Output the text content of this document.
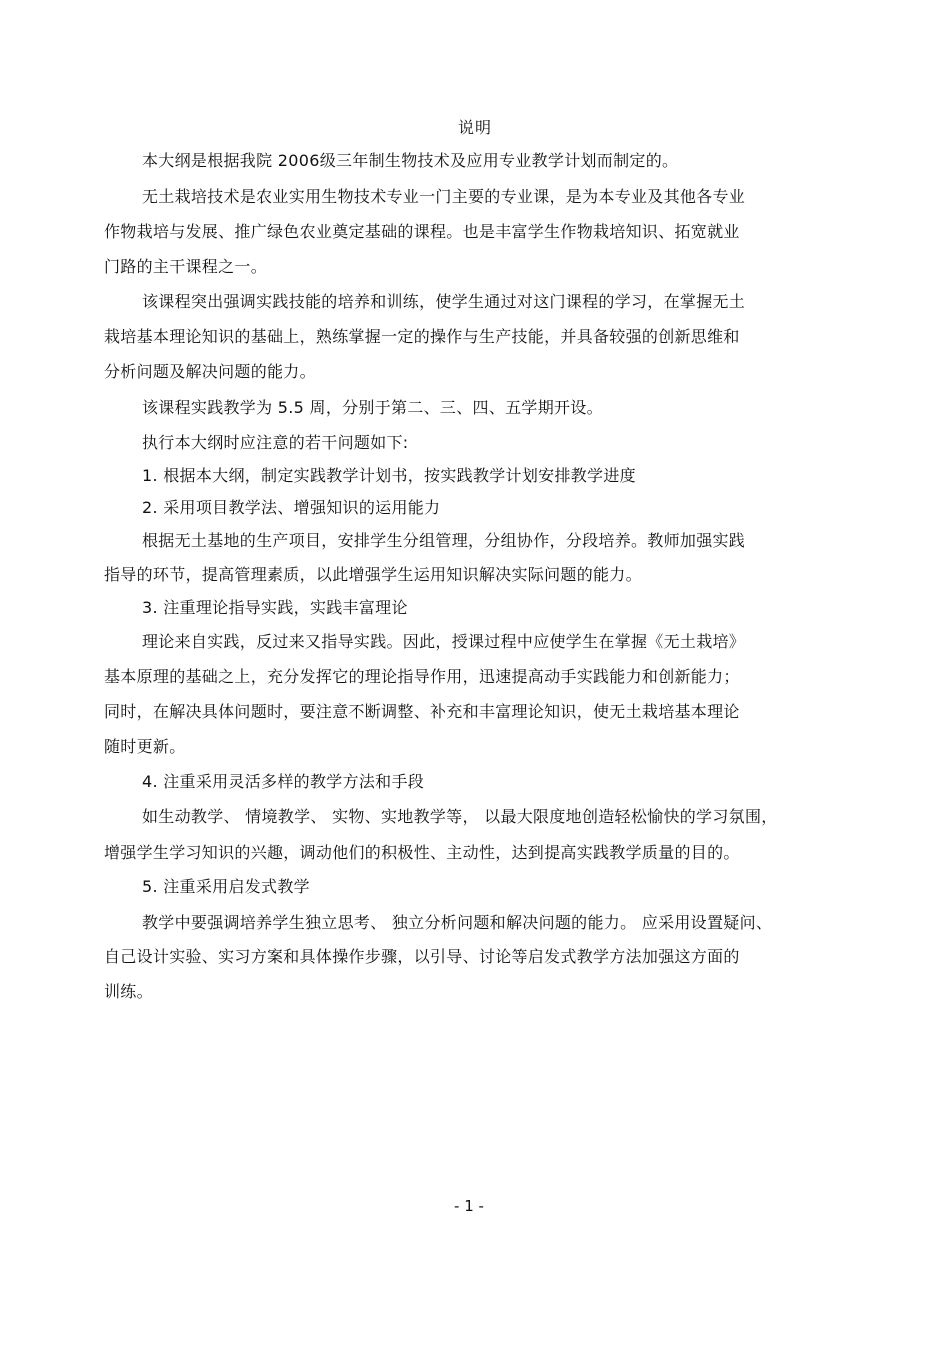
说明
本大纲是根据我院 2006级三年制生物技术及应用专业教学计划而制定的。
无土栽培技术是农业实用生物技术专业一门主要的专业课，是为本专业及其他各专业
作物栽培与发展、推广绿色农业奠定基础的课程。也是丰富学生作物栽培知识、拓宽就业
门路的主干课程之一。
该课程突出强调实践技能的培养和训练，使学生通过对这门课程的学习，在掌握无土
栽培基本理论知识的基础上，熟练掌握一定的操作与生产技能，并具备较强的创新思维和
分析问题及解决问题的能力。
该课程实践教学为 5.5 周，分别于第二、三、四、五学期开设。
执行本大纲时应注意的若干问题如下:
1. 根据本大纲，制定实践教学计划书，按实践教学计划安排教学进度
2. 采用项目教学法、增强知识的运用能力
根据无土基地的生产项目，安排学生分组管理，分组协作，分段培养。教师加强实践
指导的环节，提高管理素质，以此增强学生运用知识解决实际问题的能力。
3. 注重理论指导实践，实践丰富理论
理论来自实践，反过来又指导实践。因此，授课过程中应使学生在掌握《无土栽培》
基本原理的基础之上，充分发挥它的理论指导作用，迅速提高动手实践能力和创新能力；
同时，在解决具体问题时，要注意不断调整、补充和丰富理论知识，使无土栽培基本理论
随时更新。
4. 注重采用灵活多样的教学方法和手段
如生动教学、 情境教学、 实物、实地教学等， 以最大限度地创造轻松愉快的学习氛围，
增强学生学习知识的兴趣，调动他们的积极性、主动性，达到提高实践教学质量的目的。
5. 注重采用启发式教学
教学中要强调培养学生独立思考、 独立分析问题和解决问题的能力。 应采用设置疑问、
自己设计实验、实习方案和具体操作步骤，以引导、讨论等启发式教学方法加强这方面的
训练。
- 1 -
